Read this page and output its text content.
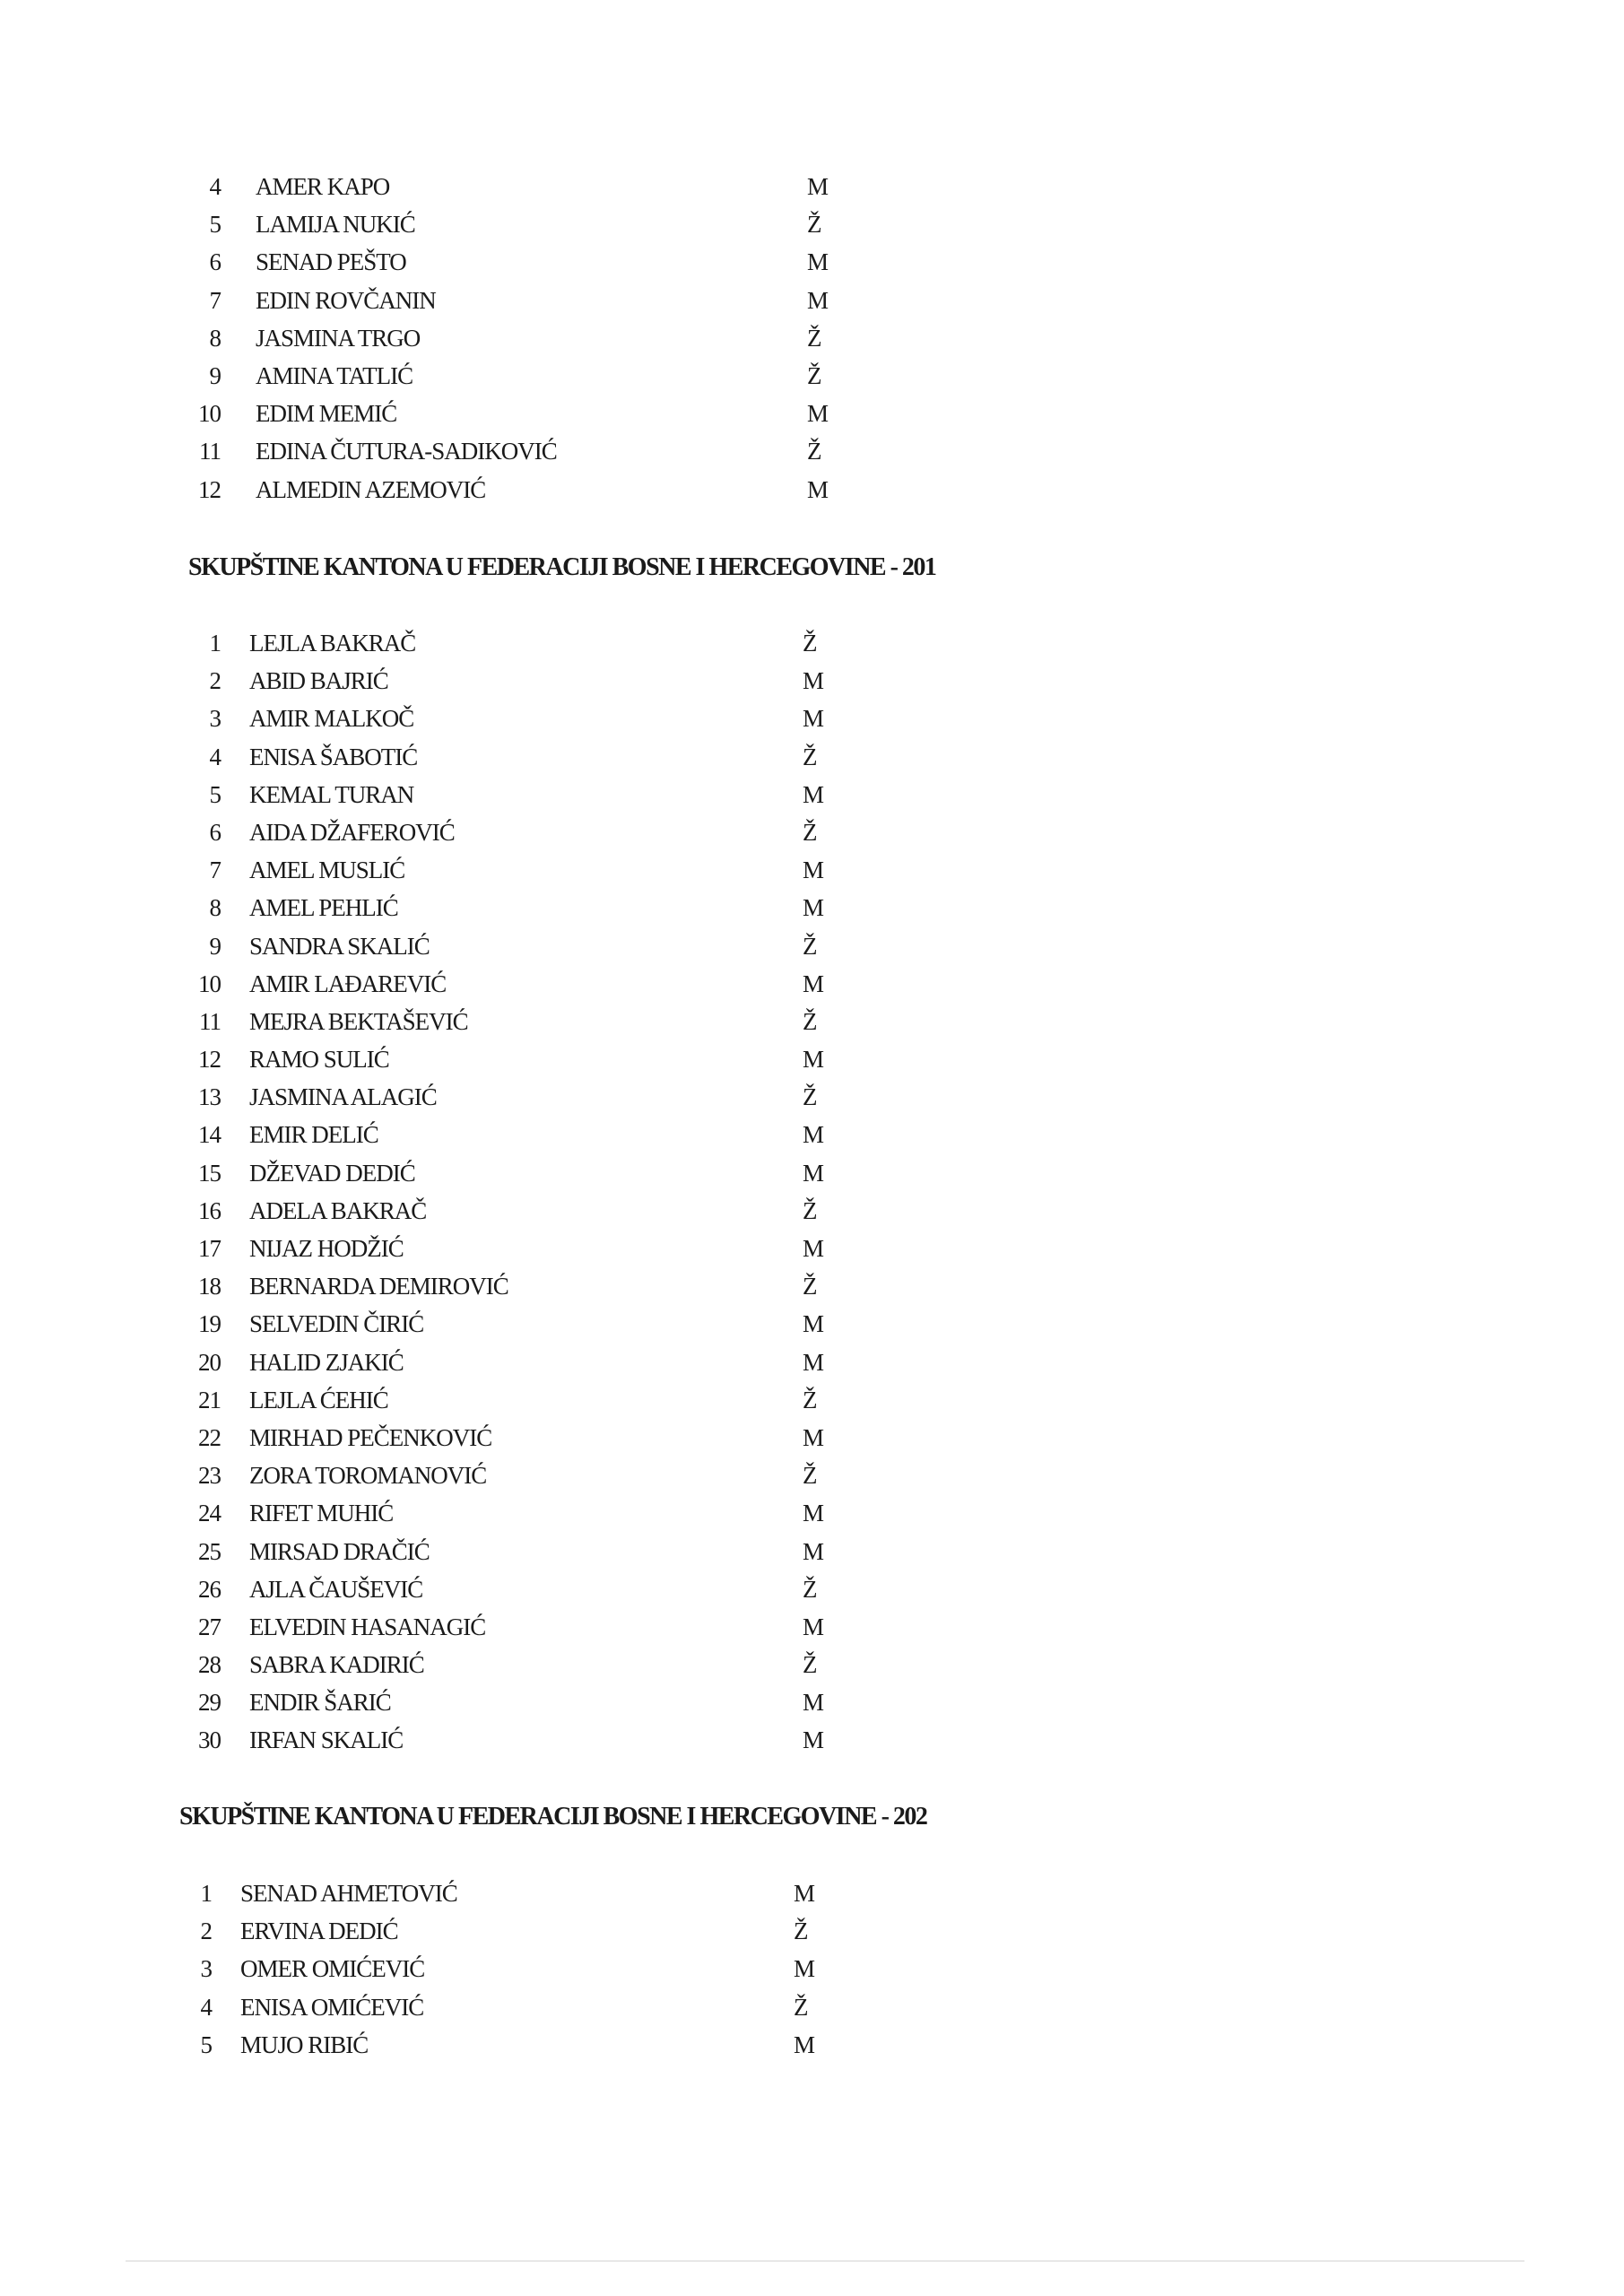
4 AMER KAPO	M
5 LAMIJA NUKIĆ	Ž
6 SENAD PEŠTO	M
7 EDIN ROVČANIN	M
8 JASMINA TRGO	Ž
9 AMINA TATLIĆ	Ž
10 EDIM MEMIĆ	M
11 EDINA ČUTURA-SADIKOVIĆ	Ž
12 ALMEDIN AZEMOVIĆ	M
SKUPŠTINE KANTONA U FEDERACIJI BOSNE I HERCEGOVINE - 201
1 LEJLA BAKRAČ	Ž
2 ABID BAJRIĆ	M
3 AMIR MALKOČ	M
4 ENISA ŠABOTIĆ	Ž
5 KEMAL TURAN	M
6 AIDA DŽAFEROVIĆ	Ž
7 AMEL MUSLIĆ	M
8 AMEL PEHLIĆ	M
9 SANDRA SKALIĆ	Ž
10 AMIR LAĐAREVIĆ	M
11 MEJRA BEKTAŠEVIĆ	Ž
12 RAMO SULIĆ	M
13 JASMINA ALAGIĆ	Ž
14 EMIR DELIĆ	M
15 DŽEVAD DEDIĆ	M
16 ADELA BAKRAČ	Ž
17 NIJAZ HODŽIĆ	M
18 BERNARDA DEMIROVIĆ	Ž
19 SELVEDIN ČIRIĆ	M
20 HALID ZJAKIĆ	M
21 LEJLA ĆEHIĆ	Ž
22 MIRHAD PEČENKOVIĆ	M
23 ZORA TOROMANOVIĆ	Ž
24 RIFET MUHIĆ	M
25 MIRSAD DRAČIĆ	M
26 AJLA ČAUŠEVIĆ	Ž
27 ELVEDIN HASANAGIĆ	M
28 SABRA KADIRIĆ	Ž
29 ENDIR ŠARIĆ	M
30 IRFAN SKALIĆ	M
SKUPŠTINE KANTONA U FEDERACIJI BOSNE I HERCEGOVINE - 202
1 SENAD AHMETOVIĆ	M
2 ERVINA DEDIĆ	Ž
3 OMER OMIĆEVIĆ	M
4 ENISA OMIĆEVIĆ	Ž
5 MUJO RIBIĆ	M
